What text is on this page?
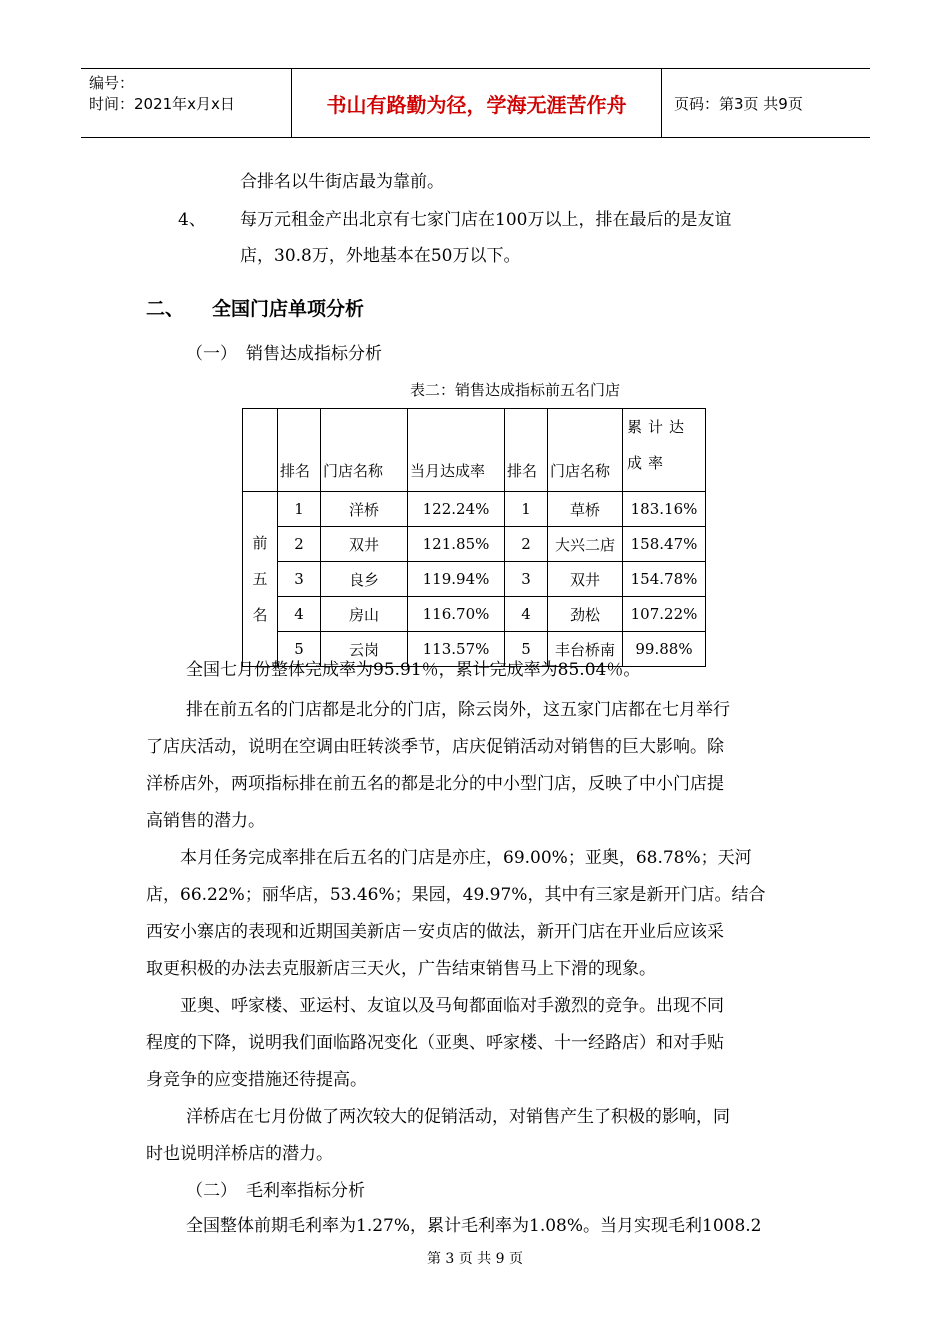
编号：
时间：2021年x月x日	书山有路勤为径，学海无涯苦作舟	页码：第3页 共9页
合排名以牛街店最为靠前。
4、 每万元租金产出北京有七家门店在100万以上，排在最后的是友谊
店，30.8万，外地基本在50万以下。
二、 全国门店单项分析
（一） 销售达成指标分析
表二：销售达成指标前五名门店
	排名	门店名称	当月达成率	排名	门店名称	累计达成率
前五名	1	洋桥	122.24%	1	草桥	183.16%
	2	双井	121.85%	2	大兴二店	158.47%
	3	良乡	119.94%	3	双井	154.78%
	4	房山	116.70%	4	劲松	107.22%
	5	云岗	113.57%	5	丰台桥南	99.88%
全国七月份整体完成率为95.91％，累计完成率为85.04％。
排在前五名的门店都是北分的门店，除云岗外，这五家门店都在七月举行
了店庆活动，说明在空调由旺转淡季节，店庆促销活动对销售的巨大影响。除
洋桥店外，两项指标排在前五名的都是北分的中小型门店，反映了中小门店提
高销售的潜力。
本月任务完成率排在后五名的门店是亦庄，69.00%；亚奥，68.78%；天河
店，66.22%；丽华店，53.46%；果园，49.97%，其中有三家是新开门店。结合
西安小寨店的表现和近期国美新店－安贞店的做法，新开门店在开业后应该采
取更积极的办法去克服新店三天火，广告结束销售马上下滑的现象。
亚奥、呼家楼、亚运村、友谊以及马甸都面临对手激烈的竞争。出现不同
程度的下降，说明我们面临路况变化（亚奥、呼家楼、十一经路店）和对手贴
身竞争的应变措施还待提高。
洋桥店在七月份做了两次较大的促销活动，对销售产生了积极的影响，同
时也说明洋桥店的潜力。
（二） 毛利率指标分析
全国整体前期毛利率为1.27%，累计毛利率为1.08%。当月实现毛利1008.2
第 3 页 共 9 页
